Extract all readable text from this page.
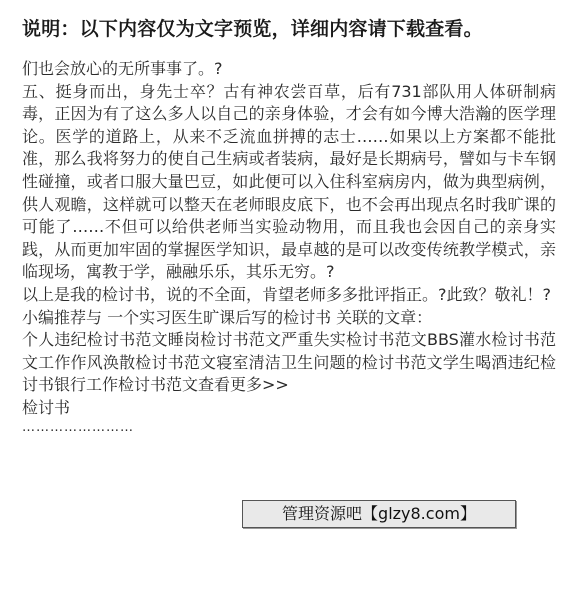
说明：以下内容仅为文字预览，详细内容请下载查看。

们也会放心的无所事事了。?

五、挺身而出，身先士卒？古有神农尝百草，后有731部队用人体研制病毒，正因为有了这么多人以自己的亲身体验，才会有如今博大浩瀚的医学理论。医学的道路上，从来不乏流血拼搏的志士……如果以上方案都不能批准，那么我将努力的使自己生病或者装病，最好是长期病号，譬如与卡车钢性碰撞，或者口服大量巴豆，如此便可以入住科室病房内，做为典型病例，供人观瞻，这样就可以整天在老师眼皮底下，也不会再出现点名时我旷课的可能了……不但可以给供老师当实验动物用，而且我也会因自己的亲身实践，从而更加牢固的掌握医学知识，最卓越的是可以改变传统教学模式，亲临现场，寓教于学，融融乐乐，其乐无穷。?

以上是我的检讨书，说的不全面，肯望老师多多批评指正。?此致？敬礼！?

小编推荐与 一个实习医生旷课后写的检讨书 关联的文章：

个人违纪检讨书范文睡岗检讨书范文严重失实检讨书范文BBS灌水检讨书范文工作作风涣散检讨书范文寝室清洁卫生问题的检讨书范文学生喝酒违纪检讨书银行工作检讨书范文查看更多>>

检讨书

……………………

管理资源吧【glzy8.com】
